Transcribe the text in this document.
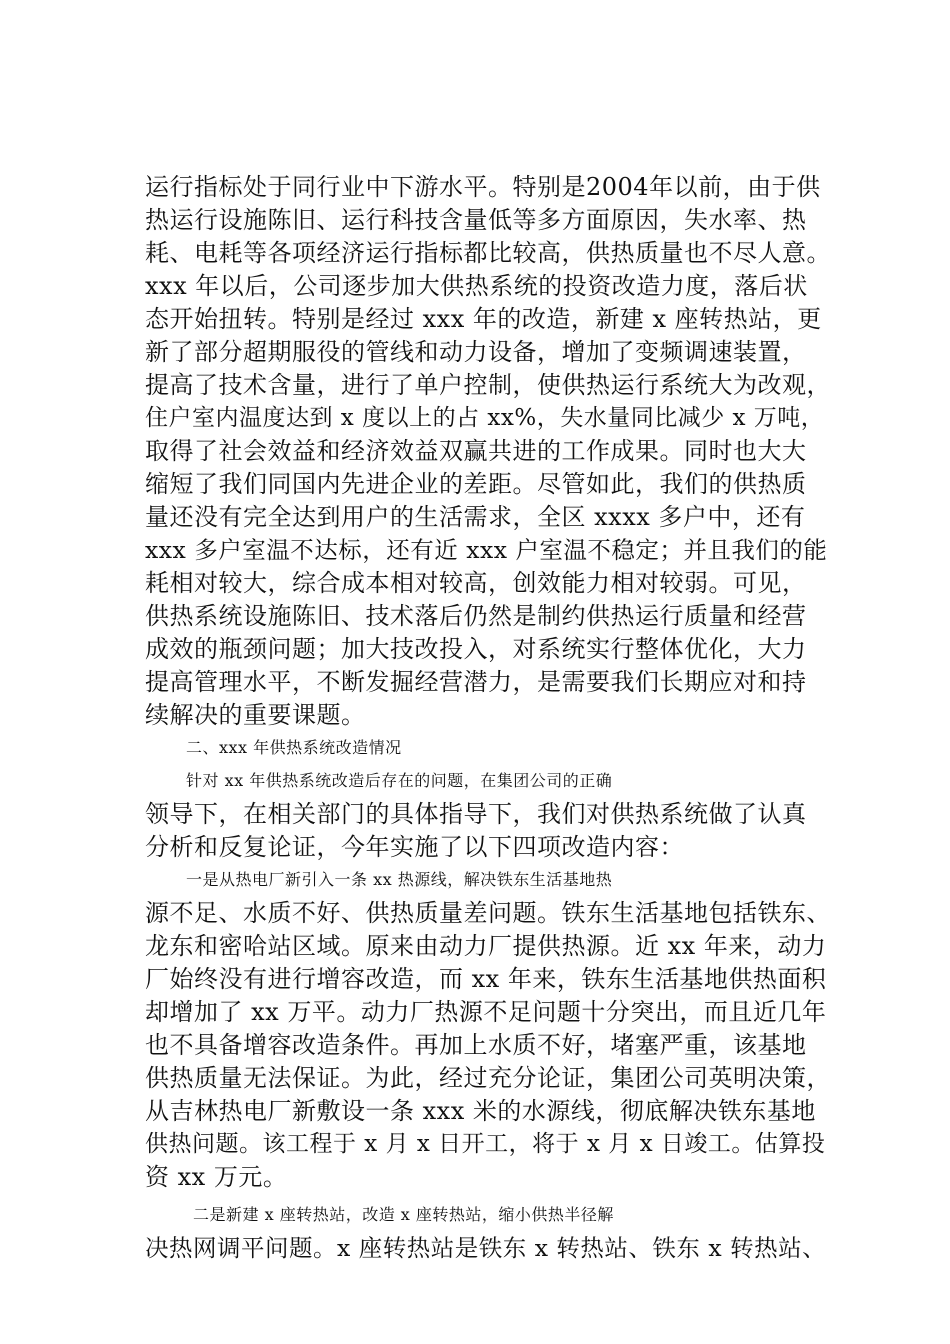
运行指标处于同行业中下游水平。特别是2004年以前，由于供
热运行设施陈旧、运行科技含量低等多方面原因，失水率、热
耗、电耗等各项经济运行指标都比较高，供热质量也不尽人意。
xxx 年以后，公司逐步加大供热系统的投资改造力度，落后状
态开始扭转。特别是经过 xxx 年的改造，新建 x 座转热站，更
新了部分超期服役的管线和动力设备，增加了变频调速装置，
提高了技术含量，进行了单户控制，使供热运行系统大为改观，
住户室内温度达到 x 度以上的占 xx%，失水量同比减少 x 万吨，
取得了社会效益和经济效益双赢共进的工作成果。同时也大大
缩短了我们同国内先进企业的差距。尽管如此，我们的供热质
量还没有完全达到用户的生活需求，全区 xxxx 多户中，还有
xxx 多户室温不达标，还有近 xxx 户室温不稳定；并且我们的能
耗相对较大，综合成本相对较高，创效能力相对较弱。可见，
供热系统设施陈旧、技术落后仍然是制约供热运行质量和经营
成效的瓶颈问题；加大技改投入，对系统实行整体优化，大力
提高管理水平，不断发掘经营潜力，是需要我们长期应对和持
续解决的重要课题。
二、xxx 年供热系统改造情况
针对 xx 年供热系统改造后存在的问题，在集团公司的正确
领导下，在相关部门的具体指导下，我们对供热系统做了认真
分析和反复论证，今年实施了以下四项改造内容：
一是从热电厂新引入一条 xx 热源线，解决铁东生活基地热
源不足、水质不好、供热质量差问题。铁东生活基地包括铁东、
龙东和密哈站区域。原来由动力厂提供热源。近 xx 年来，动力
厂始终没有进行增容改造，而 xx 年来，铁东生活基地供热面积
却增加了 xx 万平。动力厂热源不足问题十分突出，而且近几年
也不具备增容改造条件。再加上水质不好，堵塞严重，该基地
供热质量无法保证。为此，经过充分论证，集团公司英明决策，
从吉林热电厂新敷设一条 xxx 米的水源线，彻底解决铁东基地
供热问题。该工程于 x 月 x 日开工，将于 x 月 x 日竣工。估算投
资 xx 万元。
二是新建 x 座转热站，改造 x 座转热站，缩小供热半径解
决热网调平问题。x 座转热站是铁东 x 转热站、铁东 x 转热站、
